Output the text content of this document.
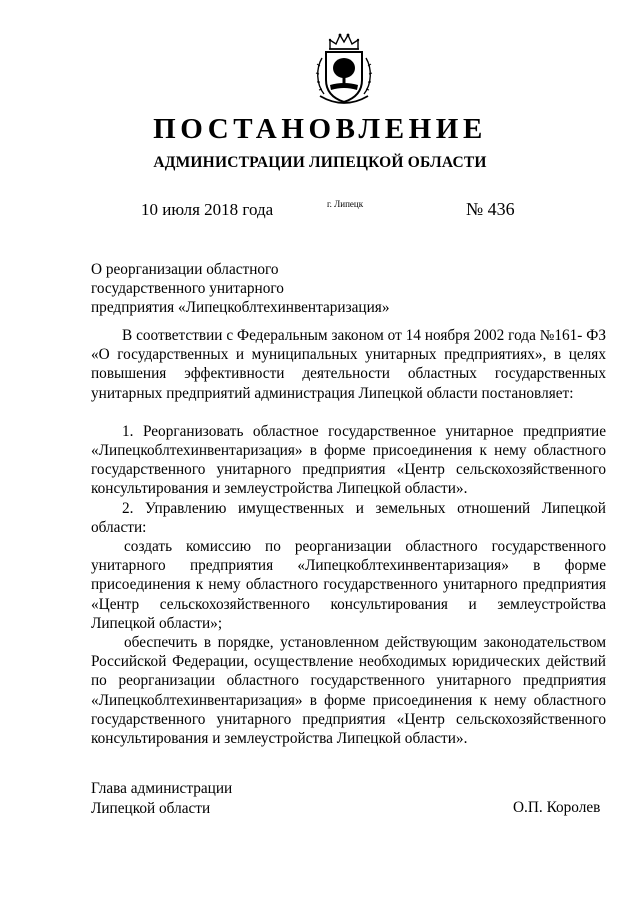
ПОСТАНОВЛЕНИЕ
АДМИНИСТРАЦИИ ЛИПЕЦКОЙ ОБЛАСТИ
10 июля 2018 года	г. Липецк	№ 436
О реорганизации областного
государственного унитарного
предприятия «Липецкоблтехинвентаризация»

В соответствии с Федеральным законом от 14 ноября 2002 года №161- ФЗ «О государственных и муниципальных унитарных предприятиях», в целях повышения эффективности деятельности областных государственных унитарных предприятий администрация Липецкой области постановляет:

1. Реорганизовать областное государственное унитарное предприятие «Липецкоблтехинвентаризация» в форме присоединения к нему областного государственного унитарного предприятия «Центр сельскохозяйственного консультирования и землеустройства Липецкой области».

2. Управлению имущественных и земельных отношений Липецкой области:

создать комиссию по реорганизации областного государственного унитарного предприятия «Липецкоблтехинвентаризация» в форме присоединения к нему областного государственного унитарного предприятия «Центр сельскохозяйственного консультирования и землеустройства Липецкой области»;

обеспечить в порядке, установленном действующим законодательством Российской Федерации, осуществление необходимых юридических действий по реорганизации областного государственного унитарного предприятия «Липецкоблтехинвентаризация» в форме присоединения к нему областного государственного унитарного предприятия «Центр сельскохозяйственного консультирования и землеустройства Липецкой области».

Глава администрации
Липецкой области	О.П. Королев
